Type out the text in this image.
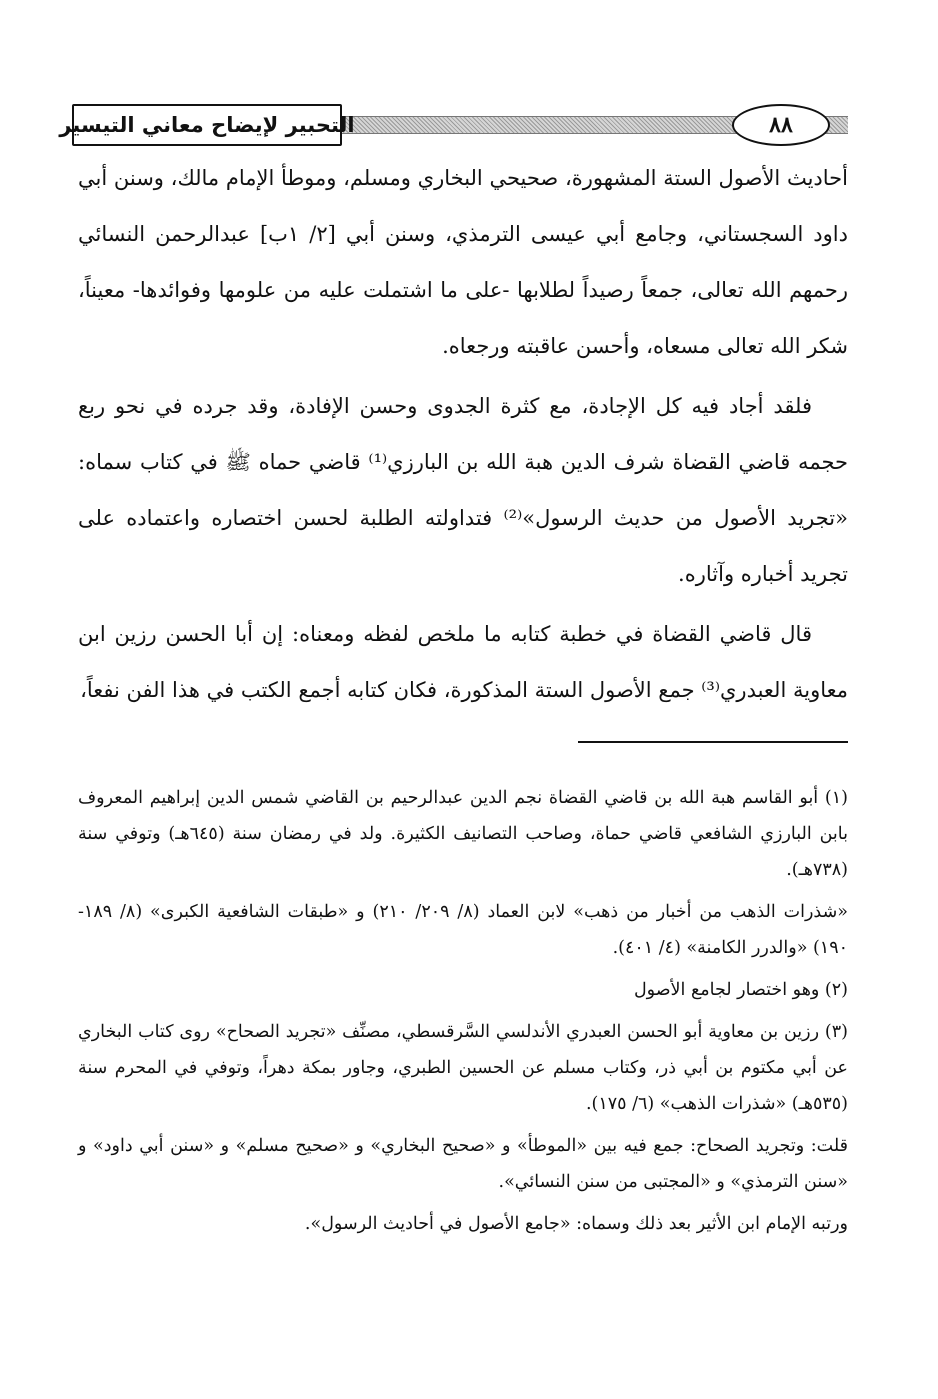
التحبير لإيضاح معاني التيسير	٨٨

أحاديث الأصول الستة المشهورة، صحيحي البخاري ومسلم، وموطأ الإمام مالك، وسنن أبي داود السجستاني، وجامع أبي عيسى الترمذي، وسنن أبي [٢/ ١ب] عبدالرحمن النسائي رحمهم الله تعالى، جمعاً رصيداً لطلابها -على ما اشتملت عليه من علومها وفوائدها- معيناً، شكر الله تعالى مسعاه، وأحسن عاقبته ورجعاه.

فلقد أجاد فيه كل الإجادة، مع كثرة الجدوى وحسن الإفادة، وقد جرده في نحو ربع حجمه قاضي القضاة شرف الدين هبة الله بن البارزي⁽¹⁾ قاضي حماه ﷺ في كتاب سماه: «تجريد الأصول من حديث الرسول»⁽²⁾ فتداولته الطلبة لحسن اختصاره واعتماده على تجريد أخباره وآثاره.

قال قاضي القضاة في خطبة كتابه ما ملخص لفظه ومعناه: إن أبا الحسن رزين ابن معاوية العبدري⁽³⁾ جمع الأصول الستة المذكورة، فكان كتابه أجمع الكتب في هذا الفن نفعاً،

(١) أبو القاسم هبة الله بن قاضي القضاة نجم الدين عبدالرحيم بن القاضي شمس الدين إبراهيم المعروف بابن البارزي الشافعي قاضي حماة، وصاحب التصانيف الكثيرة. ولد في رمضان سنة (٦٤٥هـ) وتوفي سنة (٧٣٨هـ).

«شذرات الذهب من أخبار من ذهب» لابن العماد (٨/ ٢٠٩/ ٢١٠) و «طبقات الشافعية الكبرى» (٨/ ١٨٩- ١٩٠) «والدرر الكامنة» (٤/ ٤٠١).

(٢) وهو اختصار لجامع الأصول

(٣) رزين بن معاوية أبو الحسن العبدري الأندلسي السَّرقسطي، مصنِّف «تجريد الصحاح» روى كتاب البخاري عن أبي مكتوم بن أبي ذر، وكتاب مسلم عن الحسين الطبري، وجاور بمكة دهراً، وتوفي في المحرم سنة (٥٣٥هـ) «شذرات الذهب» (٦/ ١٧٥).

قلت: وتجريد الصحاح: جمع فيه بين «الموطأ» و «صحيح البخاري» و «صحيح مسلم» و «سنن أبي داود» و «سنن الترمذي» و «المجتبى من سنن النسائي».

ورتبه الإمام ابن الأثير بعد ذلك وسماه: «جامع الأصول في أحاديث الرسول».
